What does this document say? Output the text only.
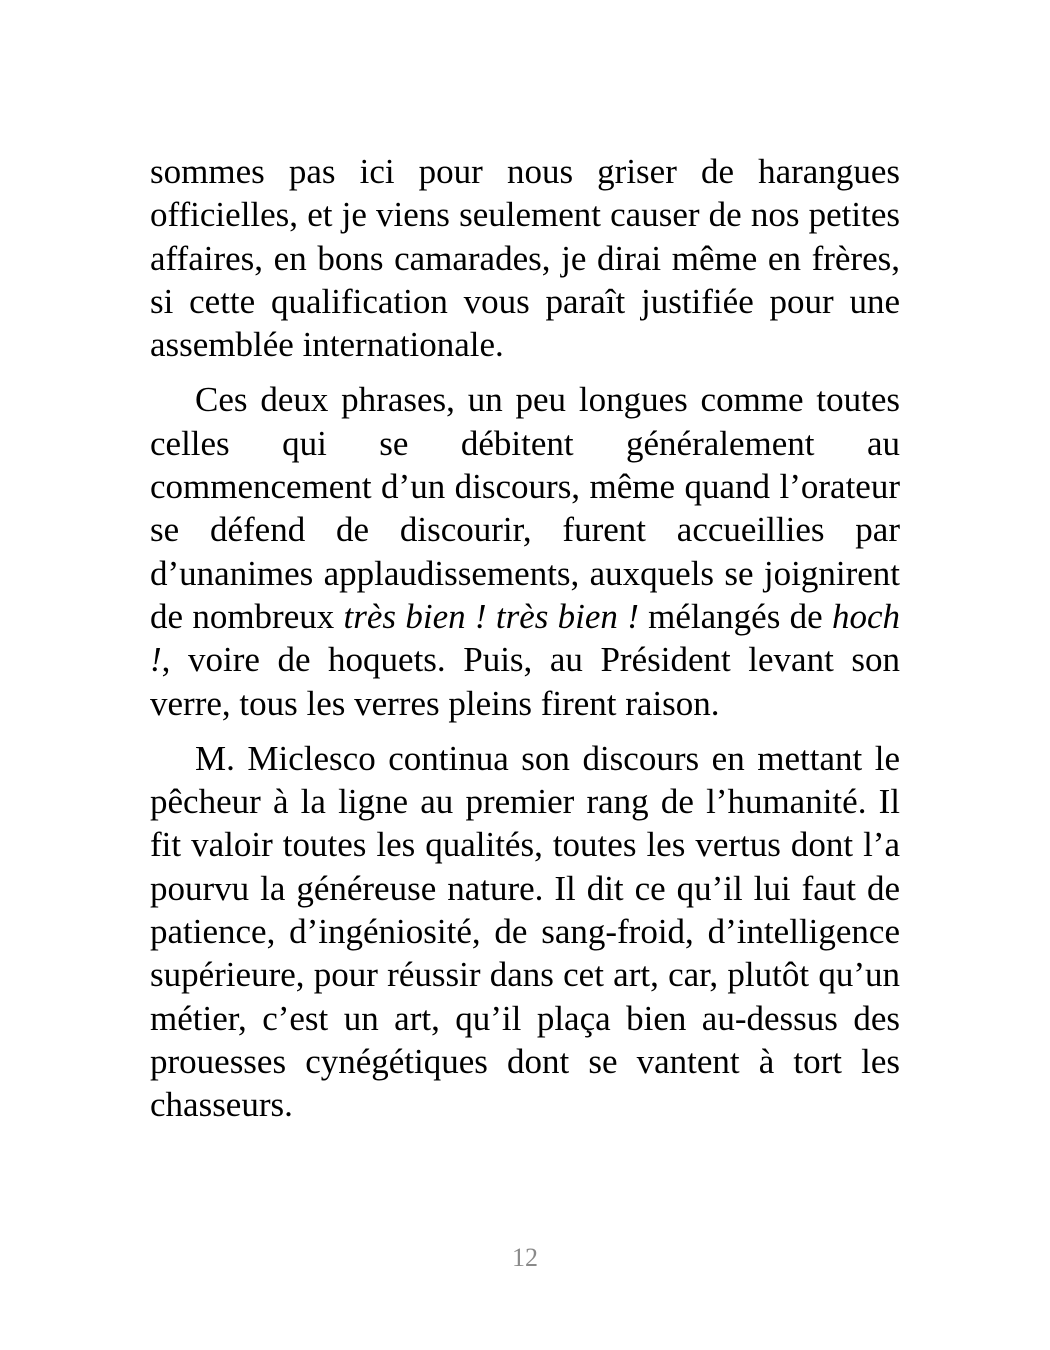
sommes pas ici pour nous griser de harangues officielles, et je viens seulement causer de nos petites affaires, en bons camarades, je dirai même en frères, si cette qualification vous paraît justifiée pour une assemblée internationale.

Ces deux phrases, un peu longues comme toutes celles qui se débitent généralement au commencement d’un discours, même quand l’orateur se défend de discourir, furent accueillies par d’unanimes applaudissements, auxquels se joignirent de nombreux très bien ! très bien ! mélangés de hoch !, voire de hoquets. Puis, au Président levant son verre, tous les verres pleins firent raison.

M. Miclesco continua son discours en mettant le pêcheur à la ligne au premier rang de l’humanité. Il fit valoir toutes les qualités, toutes les vertus dont l’a pourvu la généreuse nature. Il dit ce qu’il lui faut de patience, d’ingéniosité, de sang-froid, d’intelligence supérieure, pour réussir dans cet art, car, plutôt qu’un métier, c’est un art, qu’il plaça bien au-dessus des prouesses cynégétiques dont se vantent à tort les chasseurs.

12
